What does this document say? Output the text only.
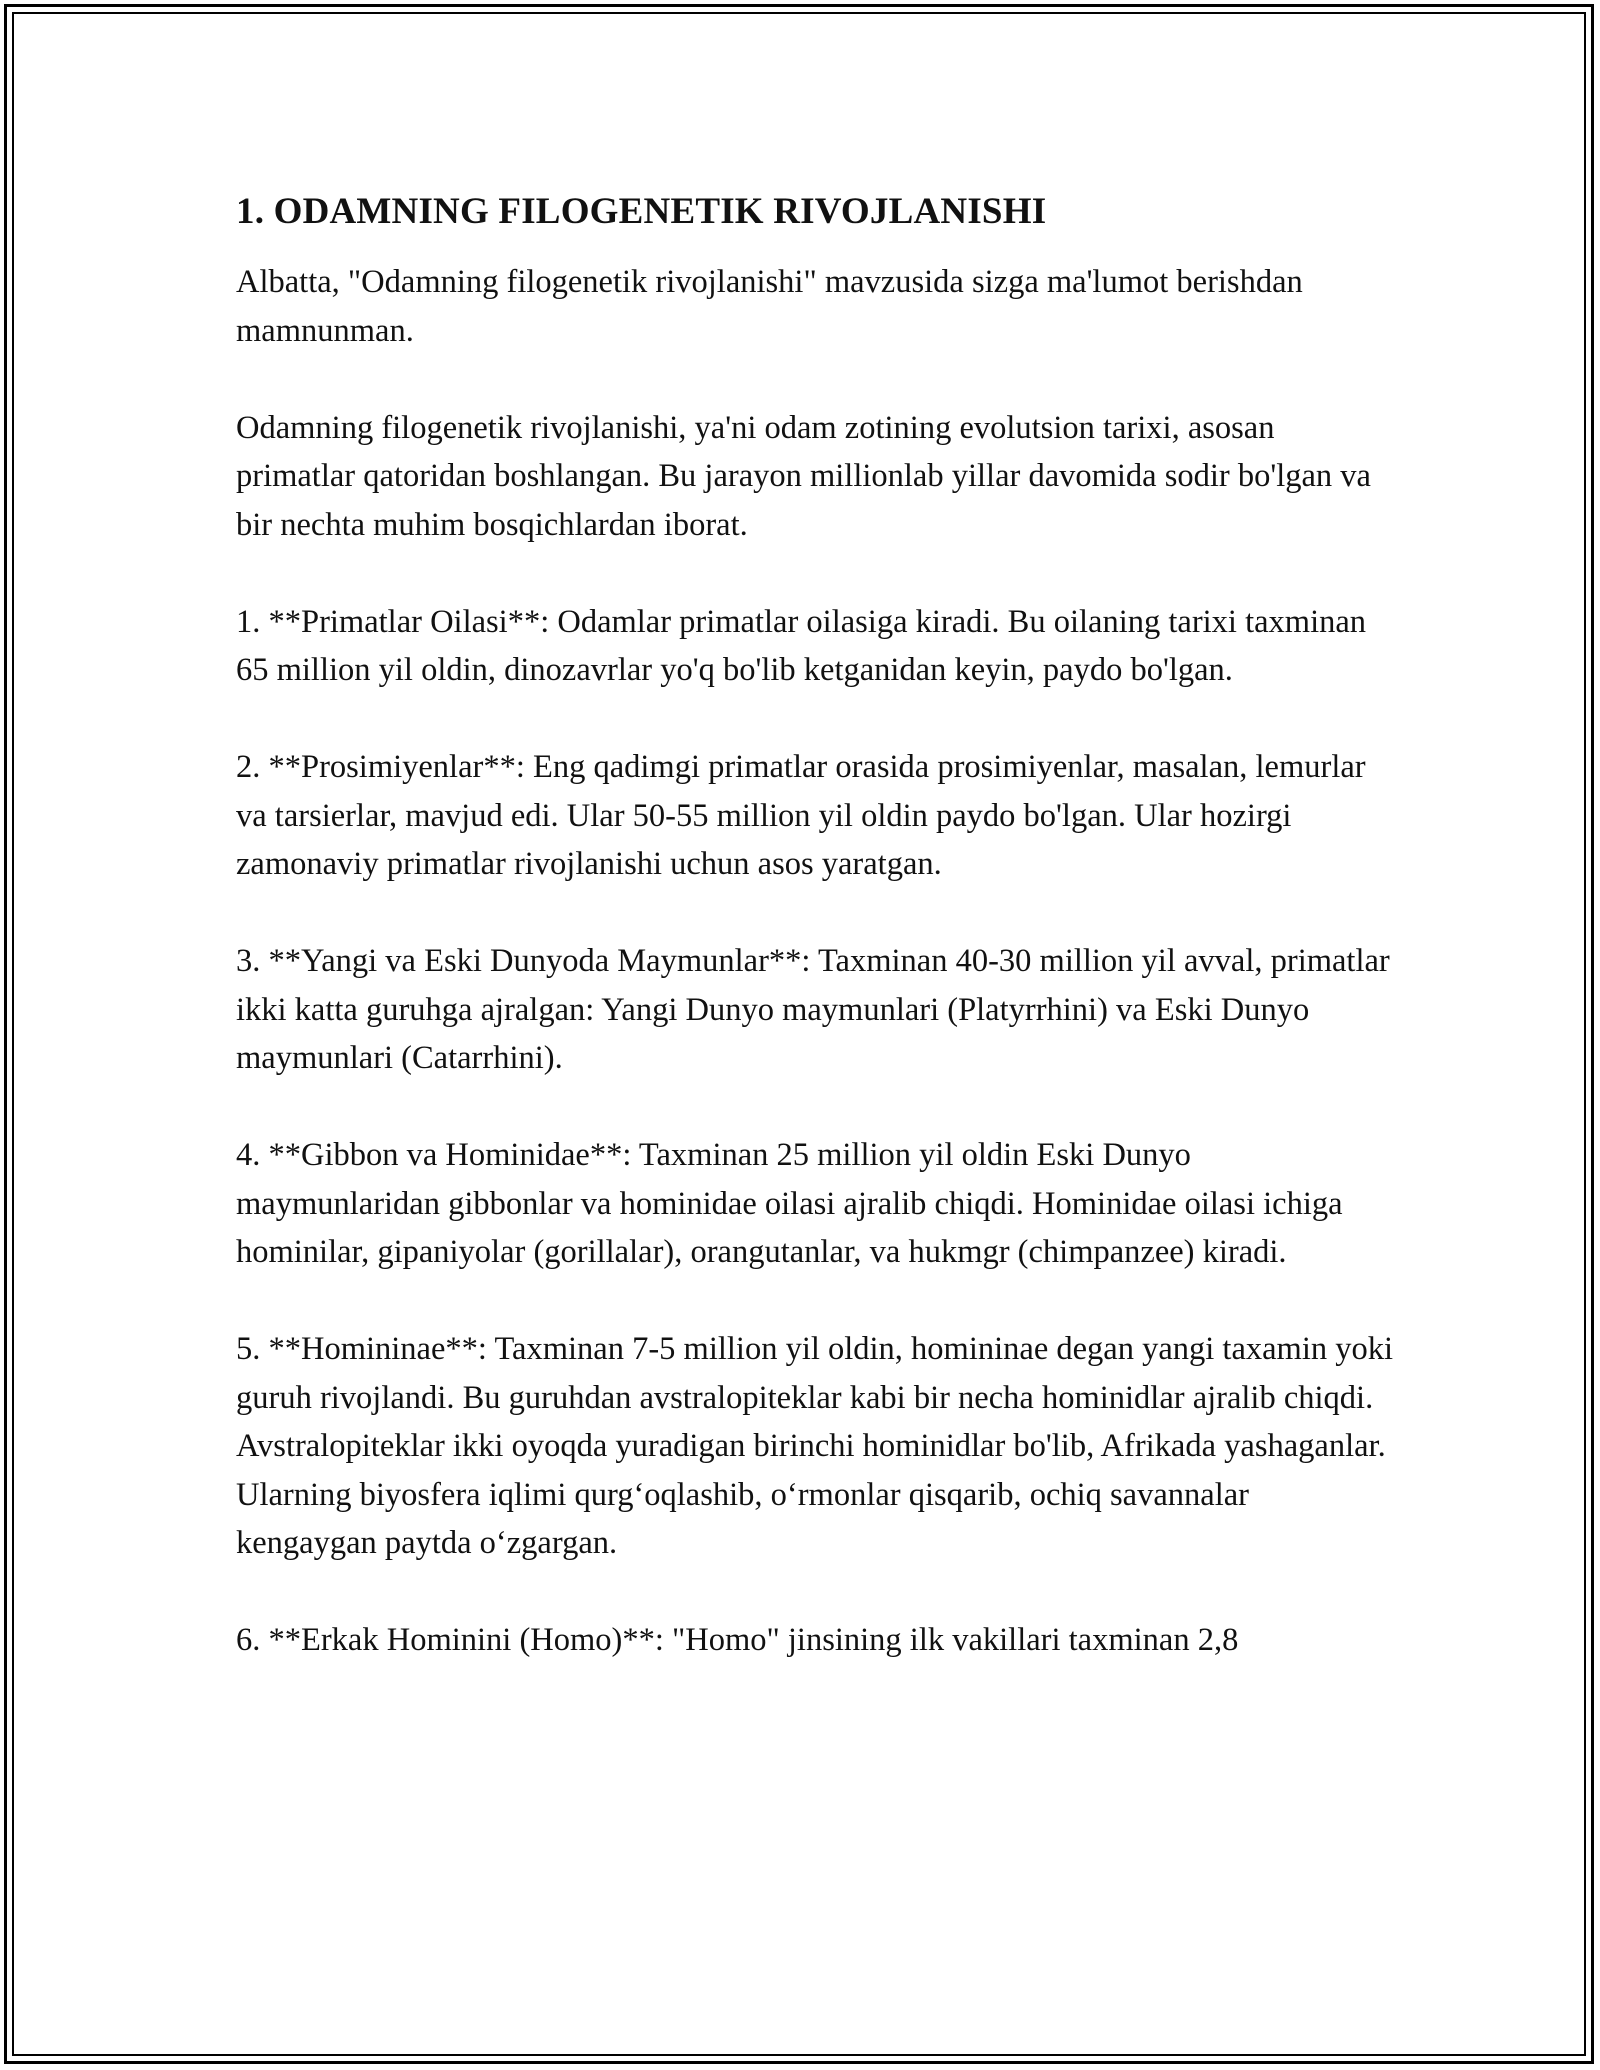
1. ODAMNING FILOGENETIK RIVOJLANISHI

Albatta, "Odamning filogenetik rivojlanishi" mavzusida sizga ma'lumot berishdan mamnunman.

Odamning filogenetik rivojlanishi, ya'ni odam zotining evolutsion tarixi, asosan primatlar qatoridan boshlangan. Bu jarayon millionlab yillar davomida sodir bo'lgan va bir nechta muhim bosqichlardan iborat.

1. **Primatlar Oilasi**: Odamlar primatlar oilasiga kiradi. Bu oilaning tarixi taxminan 65 million yil oldin, dinozavrlar yo'q bo'lib ketganidan keyin, paydo bo'lgan.

2. **Prosimiyenlar**: Eng qadimgi primatlar orasida prosimiyenlar, masalan, lemurlar va tarsierlar, mavjud edi. Ular 50-55 million yil oldin paydo bo'lgan. Ular hozirgi zamonaviy primatlar rivojlanishi uchun asos yaratgan.

3. **Yangi va Eski Dunyoda Maymunlar**: Taxminan 40-30 million yil avval, primatlar ikki katta guruhga ajralgan: Yangi Dunyo maymunlari (Platyrrhini) va Eski Dunyo maymunlari (Catarrhini).

4. **Gibbon va Hominidae**: Taxminan 25 million yil oldin Eski Dunyo maymunlaridan gibbonlar va hominidae oilasi ajralib chiqdi. Hominidae oilasi ichiga hominilar, gipaniyolar (gorillalar), orangutanlar, va hukmgr (chimpanzee) kiradi.

5. **Homininae**: Taxminan 7-5 million yil oldin, homininae degan yangi taxamin yoki guruh rivojlandi. Bu guruhdan avstralopiteklar kabi bir necha hominidlar ajralib chiqdi. Avstralopiteklar ikki oyoqda yuradigan birinchi hominidlar bo'lib, Afrikada yashaganlar. Ularning biyosfera iqlimi qurg‘oqlashib, o‘rmonlar qisqarib, ochiq savannalar kengaygan paytda o‘zgargan.

6. **Erkak Hominini (Homo)**: "Homo" jinsining ilk vakillari taxminan 2,8
